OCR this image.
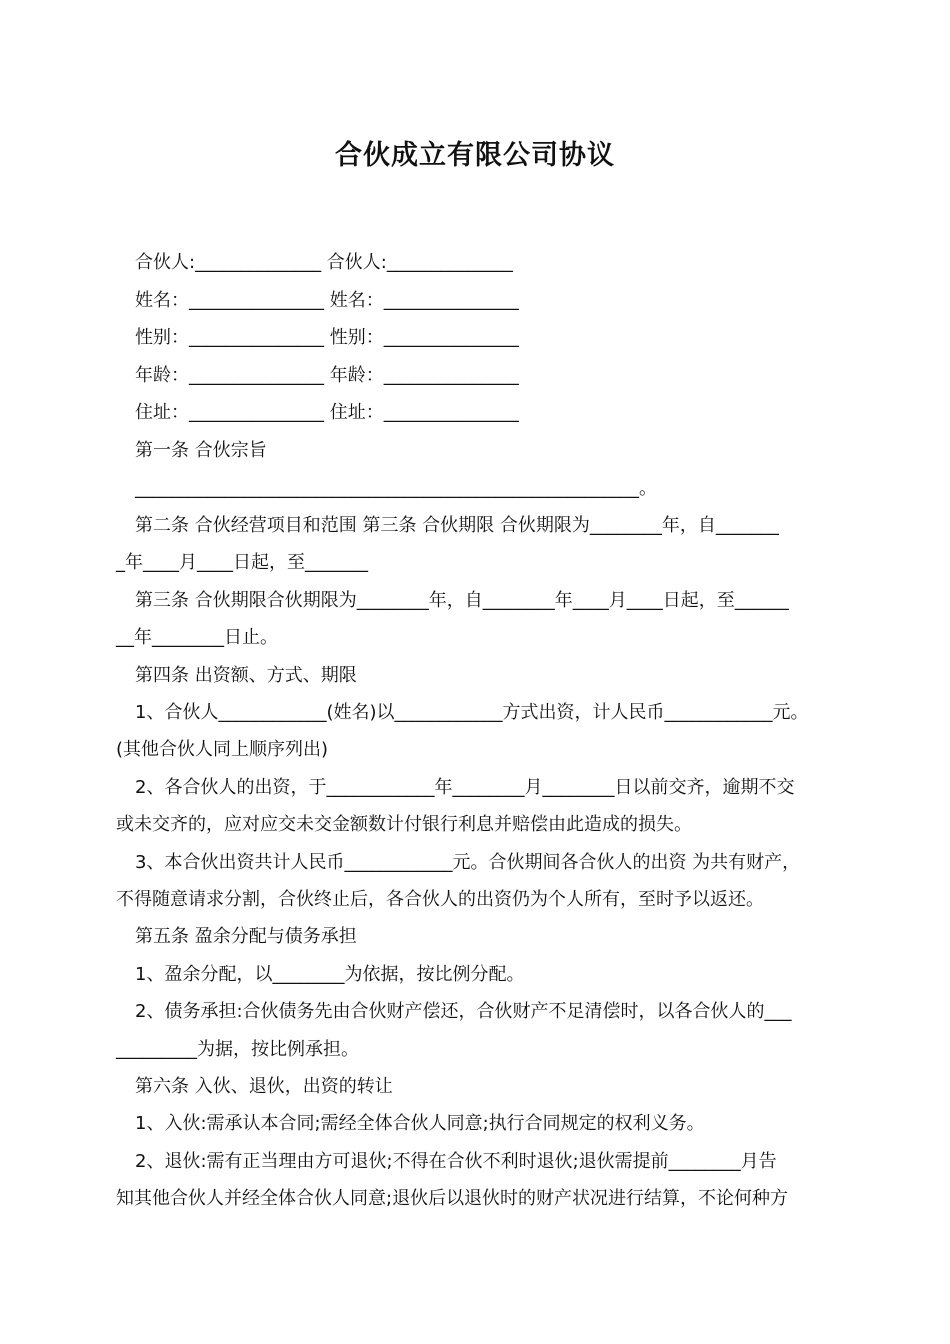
合伙成立有限公司协议
合伙人:______________ 合伙人:______________
姓名：_______________ 姓名：_______________
性别：_______________ 性别：_______________
年龄：_______________ 年龄：_______________
住址：_______________ 住址：_______________
第一条 合伙宗旨
________________________________________________________。
第二条 合伙经营项目和范围 第三条 合伙期限 合伙期限为________年，自_______
_年____月____日起，至_______
第三条 合伙期限合伙期限为________年，自________年____月____日起，至______
__年________日止。
第四条 出资额、方式、期限
1、合伙人____________(姓名)以____________方式出资，计人民币____________元。
(其他合伙人同上顺序列出)
2、各合伙人的出资，于____________年________月________日以前交齐，逾期不交
或未交齐的，应对应交未交金额数计付银行利息并赔偿由此造成的损失。
3、本合伙出资共计人民币____________元。合伙期间各合伙人的出资 为共有财产，
不得随意请求分割，合伙终止后，各合伙人的出资仍为个人所有，至时予以返还。
第五条 盈余分配与债务承担
1、盈余分配，以________为依据，按比例分配。
2、债务承担:合伙债务先由合伙财产偿还，合伙财产不足清偿时，以各合伙人的___
_________为据，按比例承担。
第六条 入伙、退伙，出资的转让
1、入伙:需承认本合同;需经全体合伙人同意;执行合同规定的权利义务。
2、退伙:需有正当理由方可退伙;不得在合伙不利时退伙;退伙需提前________月告
知其他合伙人并经全体合伙人同意;退伙后以退伙时的财产状况进行结算，不论何种方
